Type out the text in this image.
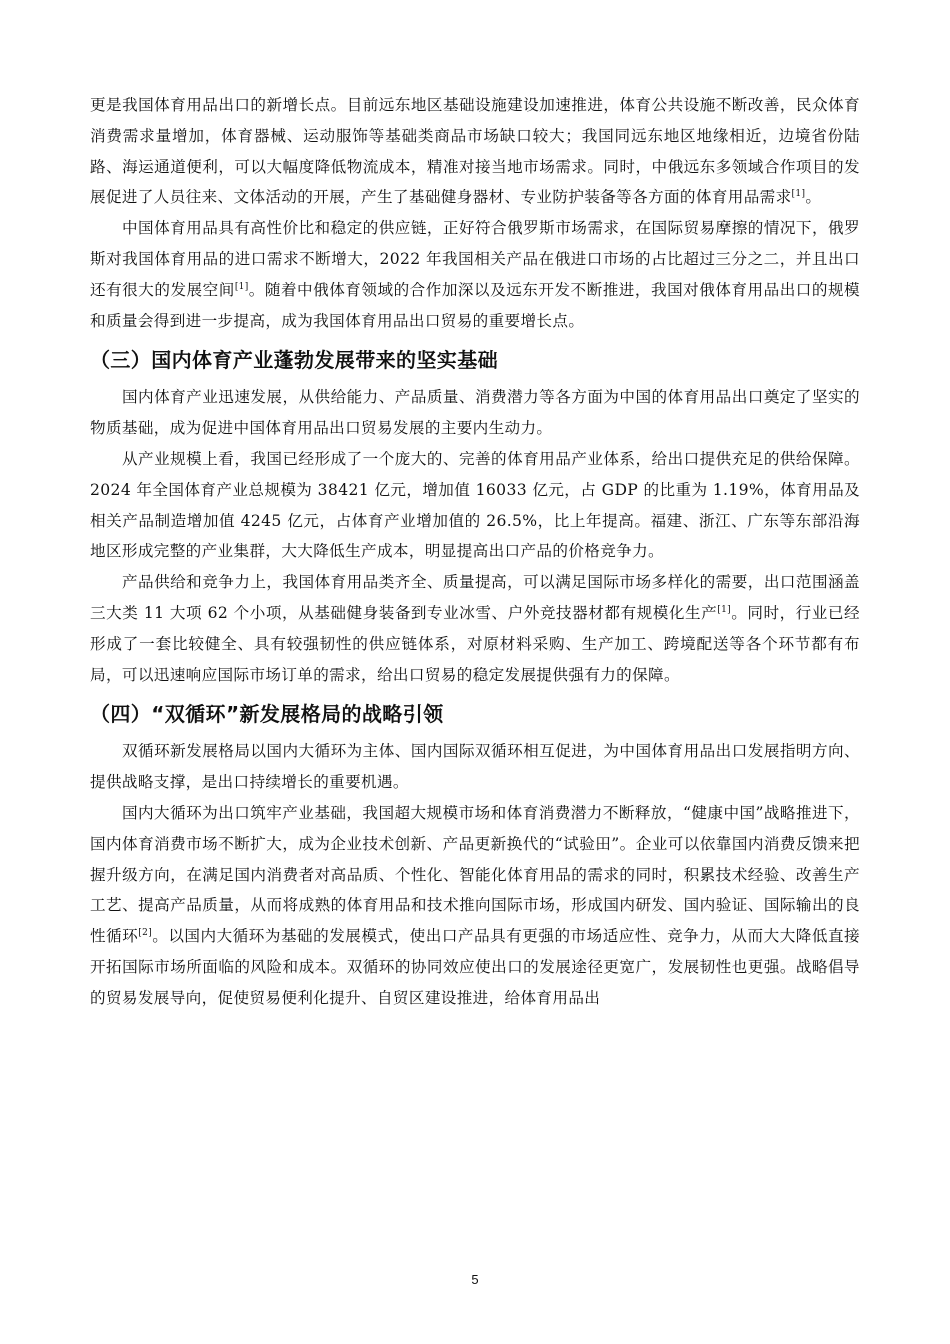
更是我国体育用品出口的新增长点。目前远东地区基础设施建设加速推进，体育公共设施不断改善，民众体育消费需求量增加，体育器械、运动服饰等基础类商品市场缺口较大；我国同远东地区地缘相近，边境省份陆路、海运通道便利，可以大幅度降低物流成本，精准对接当地市场需求。同时，中俄远东多领域合作项目的发展促进了人员往来、文体活动的开展，产生了基础健身器材、专业防护装备等各方面的体育用品需求[1]。

中国体育用品具有高性价比和稳定的供应链，正好符合俄罗斯市场需求，在国际贸易摩擦的情况下，俄罗斯对我国体育用品的进口需求不断增大，2022 年我国相关产品在俄进口市场的占比超过三分之二，并且出口还有很大的发展空间[1]。随着中俄体育领域的合作加深以及远东开发不断推进，我国对俄体育用品出口的规模和质量会得到进一步提高，成为我国体育用品出口贸易的重要增长点。

（三）国内体育产业蓬勃发展带来的坚实基础

国内体育产业迅速发展，从供给能力、产品质量、消费潜力等各方面为中国的体育用品出口奠定了坚实的物质基础，成为促进中国体育用品出口贸易发展的主要内生动力。

从产业规模上看，我国已经形成了一个庞大的、完善的体育用品产业体系，给出口提供充足的供给保障。2024 年全国体育产业总规模为 38421 亿元，增加值 16033 亿元，占 GDP 的比重为 1.19%，体育用品及相关产品制造增加值 4245 亿元，占体育产业增加值的 26.5%，比上年提高。福建、浙江、广东等东部沿海地区形成完整的产业集群，大大降低生产成本，明显提高出口产品的价格竞争力。

产品供给和竞争力上，我国体育用品类齐全、质量提高，可以满足国际市场多样化的需要，出口范围涵盖三大类 11 大项 62 个小项，从基础健身装备到专业冰雪、户外竞技器材都有规模化生产[1]。同时，行业已经形成了一套比较健全、具有较强韧性的供应链体系，对原材料采购、生产加工、跨境配送等各个环节都有布局，可以迅速响应国际市场订单的需求，给出口贸易的稳定发展提供强有力的保障。

（四）“双循环”新发展格局的战略引领

双循环新发展格局以国内大循环为主体、国内国际双循环相互促进，为中国体育用品出口发展指明方向、提供战略支撑，是出口持续增长的重要机遇。

国内大循环为出口筑牢产业基础，我国超大规模市场和体育消费潜力不断释放，“健康中国”战略推进下，国内体育消费市场不断扩大，成为企业技术创新、产品更新换代的“试验田”。企业可以依靠国内消费反馈来把握升级方向，在满足国内消费者对高品质、个性化、智能化体育用品的需求的同时，积累技术经验、改善生产工艺、提高产品质量，从而将成熟的体育用品和技术推向国际市场，形成国内研发、国内验证、国际输出的良性循环[2]。以国内大循环为基础的发展模式，使出口产品具有更强的市场适应性、竞争力，从而大大降低直接开拓国际市场所面临的风险和成本。双循环的协同效应使出口的发展途径更宽广，发展韧性也更强。战略倡导的贸易发展导向，促使贸易便利化提升、自贸区建设推进，给体育用品出

5
